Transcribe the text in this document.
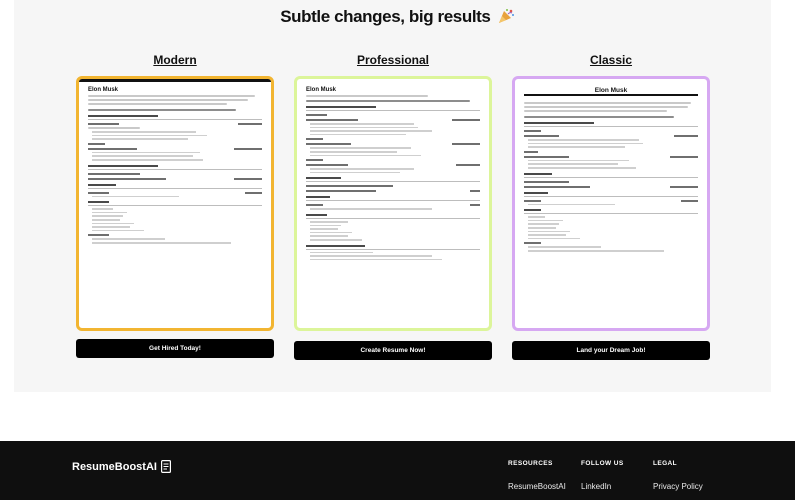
Subtle changes, big results
Modern
Elon Musk
Get Hired Today!
Professional
Elon Musk
Create Resume Now!
Classic
Elon Musk
Land your Dream Job!
ResumeBoostAI	RESOURCES
ResumeBoostAI
FOLLOW US
LinkedIn
LEGAL
Privacy Policy
